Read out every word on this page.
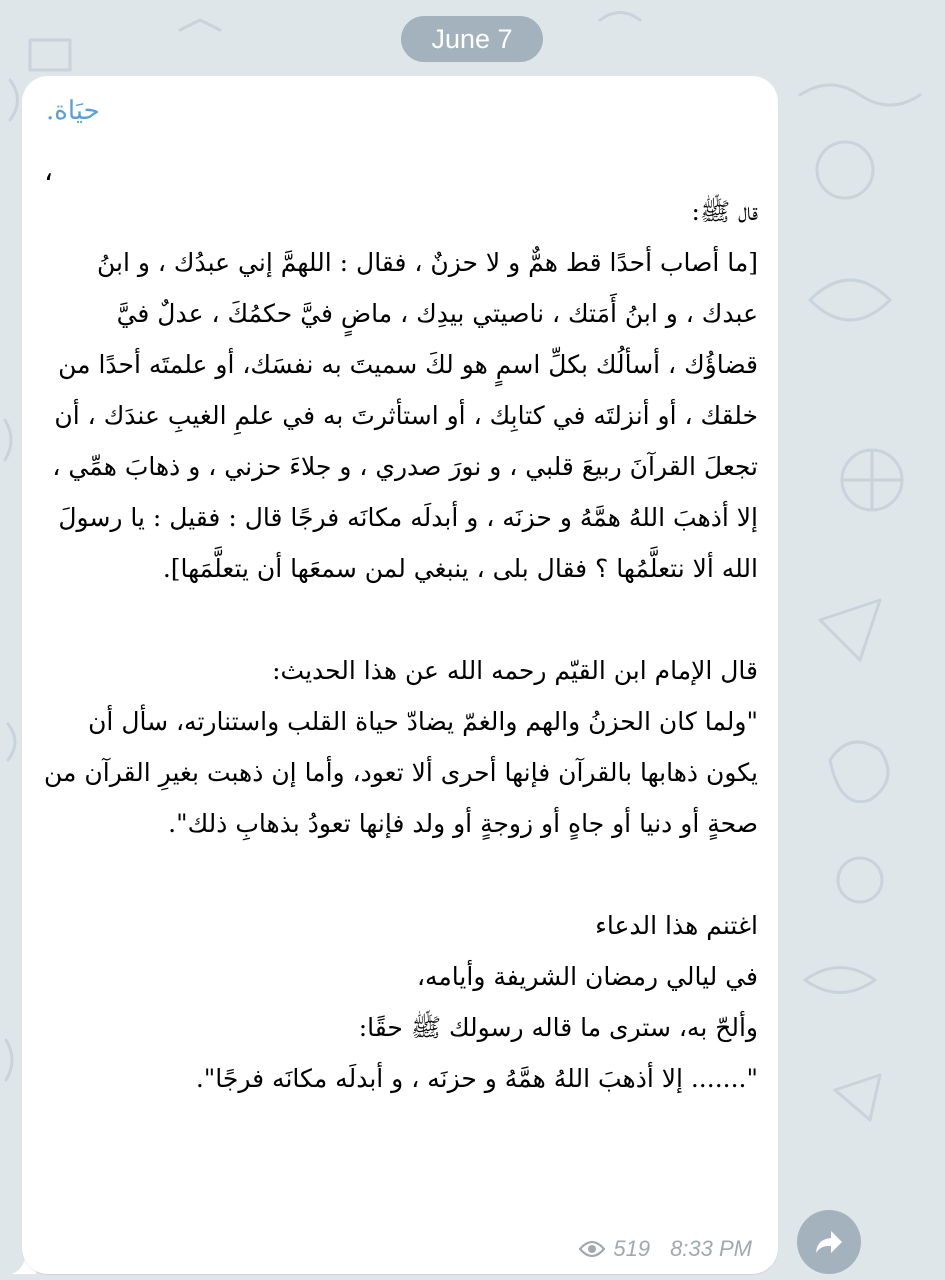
June 7
حيَاة.
،
قال ﷺ:
[ما أصاب أحدًا قط همٌّ و لا حزنٌ ، فقال : اللهمَّ إني عبدُك ، و ابنُ عبدك ، و ابنُ أَمَتك ، ناصيتي بيدِك ، ماضٍ فيَّ حكمُكَ ، عدلٌ فيَّ قضاؤُك ، أسألُك بكلِّ اسمٍ هو لكَ سميتَ به نفسَك، أو علمتَه أحدًا من خلقك ، أو أنزلتَه في كتابِك ، أو استأثرتَ به في علمِ الغيبِ عندَك ، أن تجعلَ القرآنَ ربيعَ قلبي ، و نورَ صدري ، و جلاءَ حزني ، و ذهابَ همِّي ، إلا أذهبَ اللهُ همَّهُ و حزنَه ، و أبدلَه مكانَه فرجًا قال : فقيل : يا رسولَ الله ألا نتعلَّمُها ؟ فقال بلى ، ينبغي لمن سمعَها أن يتعلَّمَها].

قال الإمام ابن القيّم رحمه الله عن هذا الحديث:
"ولما كان الحزنُ والهم والغمّ يضادّ حياة القلب واستنارته، سأل أن يكون ذهابها بالقرآن فإنها أحرى ألا تعود، وأما إن ذهبت بغيرِ القرآن من صحةٍ أو دنيا أو جاهٍ أو زوجةٍ أو ولد فإنها تعودُ بذهابِ ذلك".

اغتنم هذا الدعاء
في ليالي رمضان الشريفة وأيامه،
وألحّ به، سترى ما قاله رسولك ﷺ حقًا:
"....... إلا أذهبَ اللهُ همَّهُ و حزنَه ، و أبدلَه مكانَه فرجًا".
519 8:33 PM
